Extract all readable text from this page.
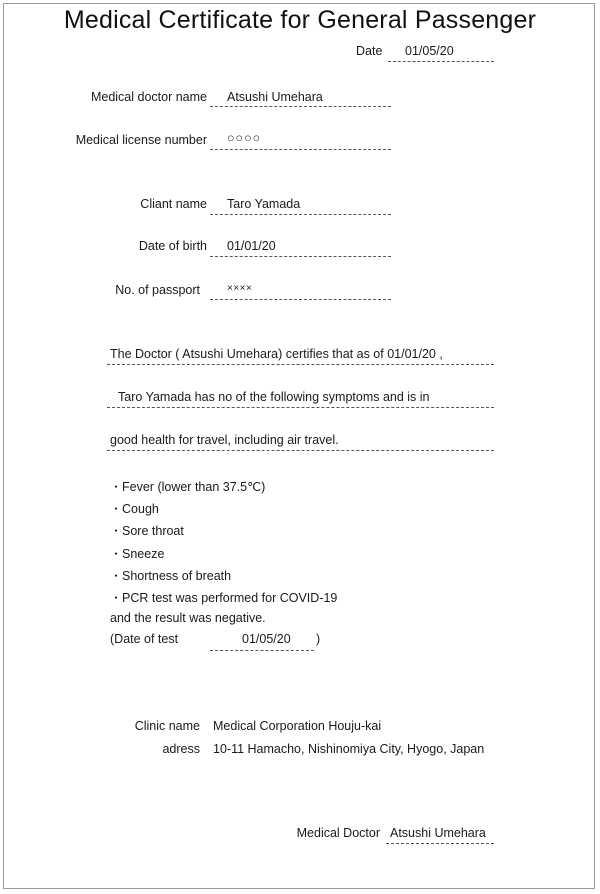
Medical Certificate for General Passenger
Date 01/05/20
Medical doctor name Atsushi Umehara
Medical license number ○○○○
Cliant name Taro Yamada
Date of birth 01/01/20
No. of passport	××××
The Doctor ( Atsushi Umehara) certifies that as of 01/01/20 ,
Taro Yamada has no of the following symptoms and is in
good health for travel, including air travel.
・Fever (lower than 37.5℃)
・Cough
・Sore throat
・Sneeze
・Shortness of breath
・PCR test was performed for COVID-19
and the result was negative.
(Date of test	01/05/20 )
Clinic name Medical Corporation Houju-kai
adress 10-11 Hamacho, Nishinomiya City, Hyogo, Japan
Medical Doctor Atsushi Umehara
